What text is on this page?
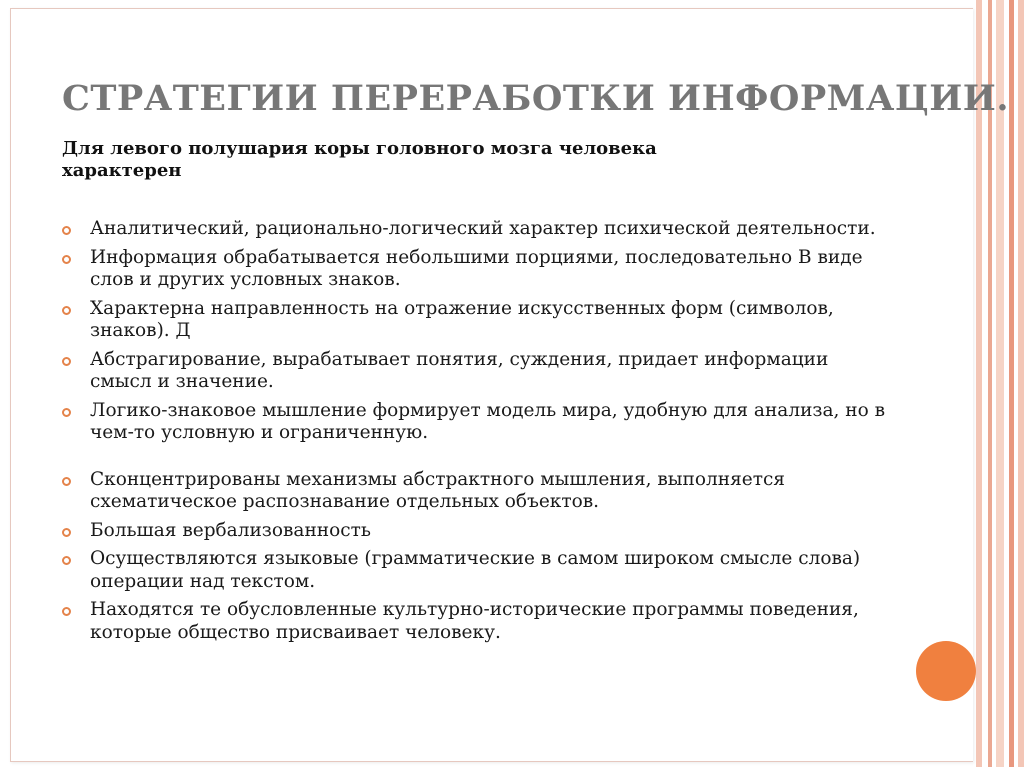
СТРАТЕГИИ ПЕРЕРАБОТКИ ИНФОРМАЦИИ.

Для левого полушария коры головного мозга человека характерен

Аналитический, рационально-логический характер психической деятельности.
Информация обрабатывается небольшими порциями, последовательно В виде слов и других условных знаков.
Характерна направленность на отражение искусственных форм (символов, знаков). Д
Абстрагирование, вырабатывает понятия, суждения, придает информации смысл и значение.
Логико-знаковое мышление формирует модель мира, удобную для анализа, но в чем-то условную и ограниченную.
Сконцентрированы механизмы абстрактного мышления, выполняется схематическое распознавание отдельных объектов.
Большая вербализованность
Осуществляются языковые (грамматические в самом широком смысле слова) операции над текстом.
Находятся те обусловленные культурно-исторические программы поведения, которые общество присваивает человеку.
